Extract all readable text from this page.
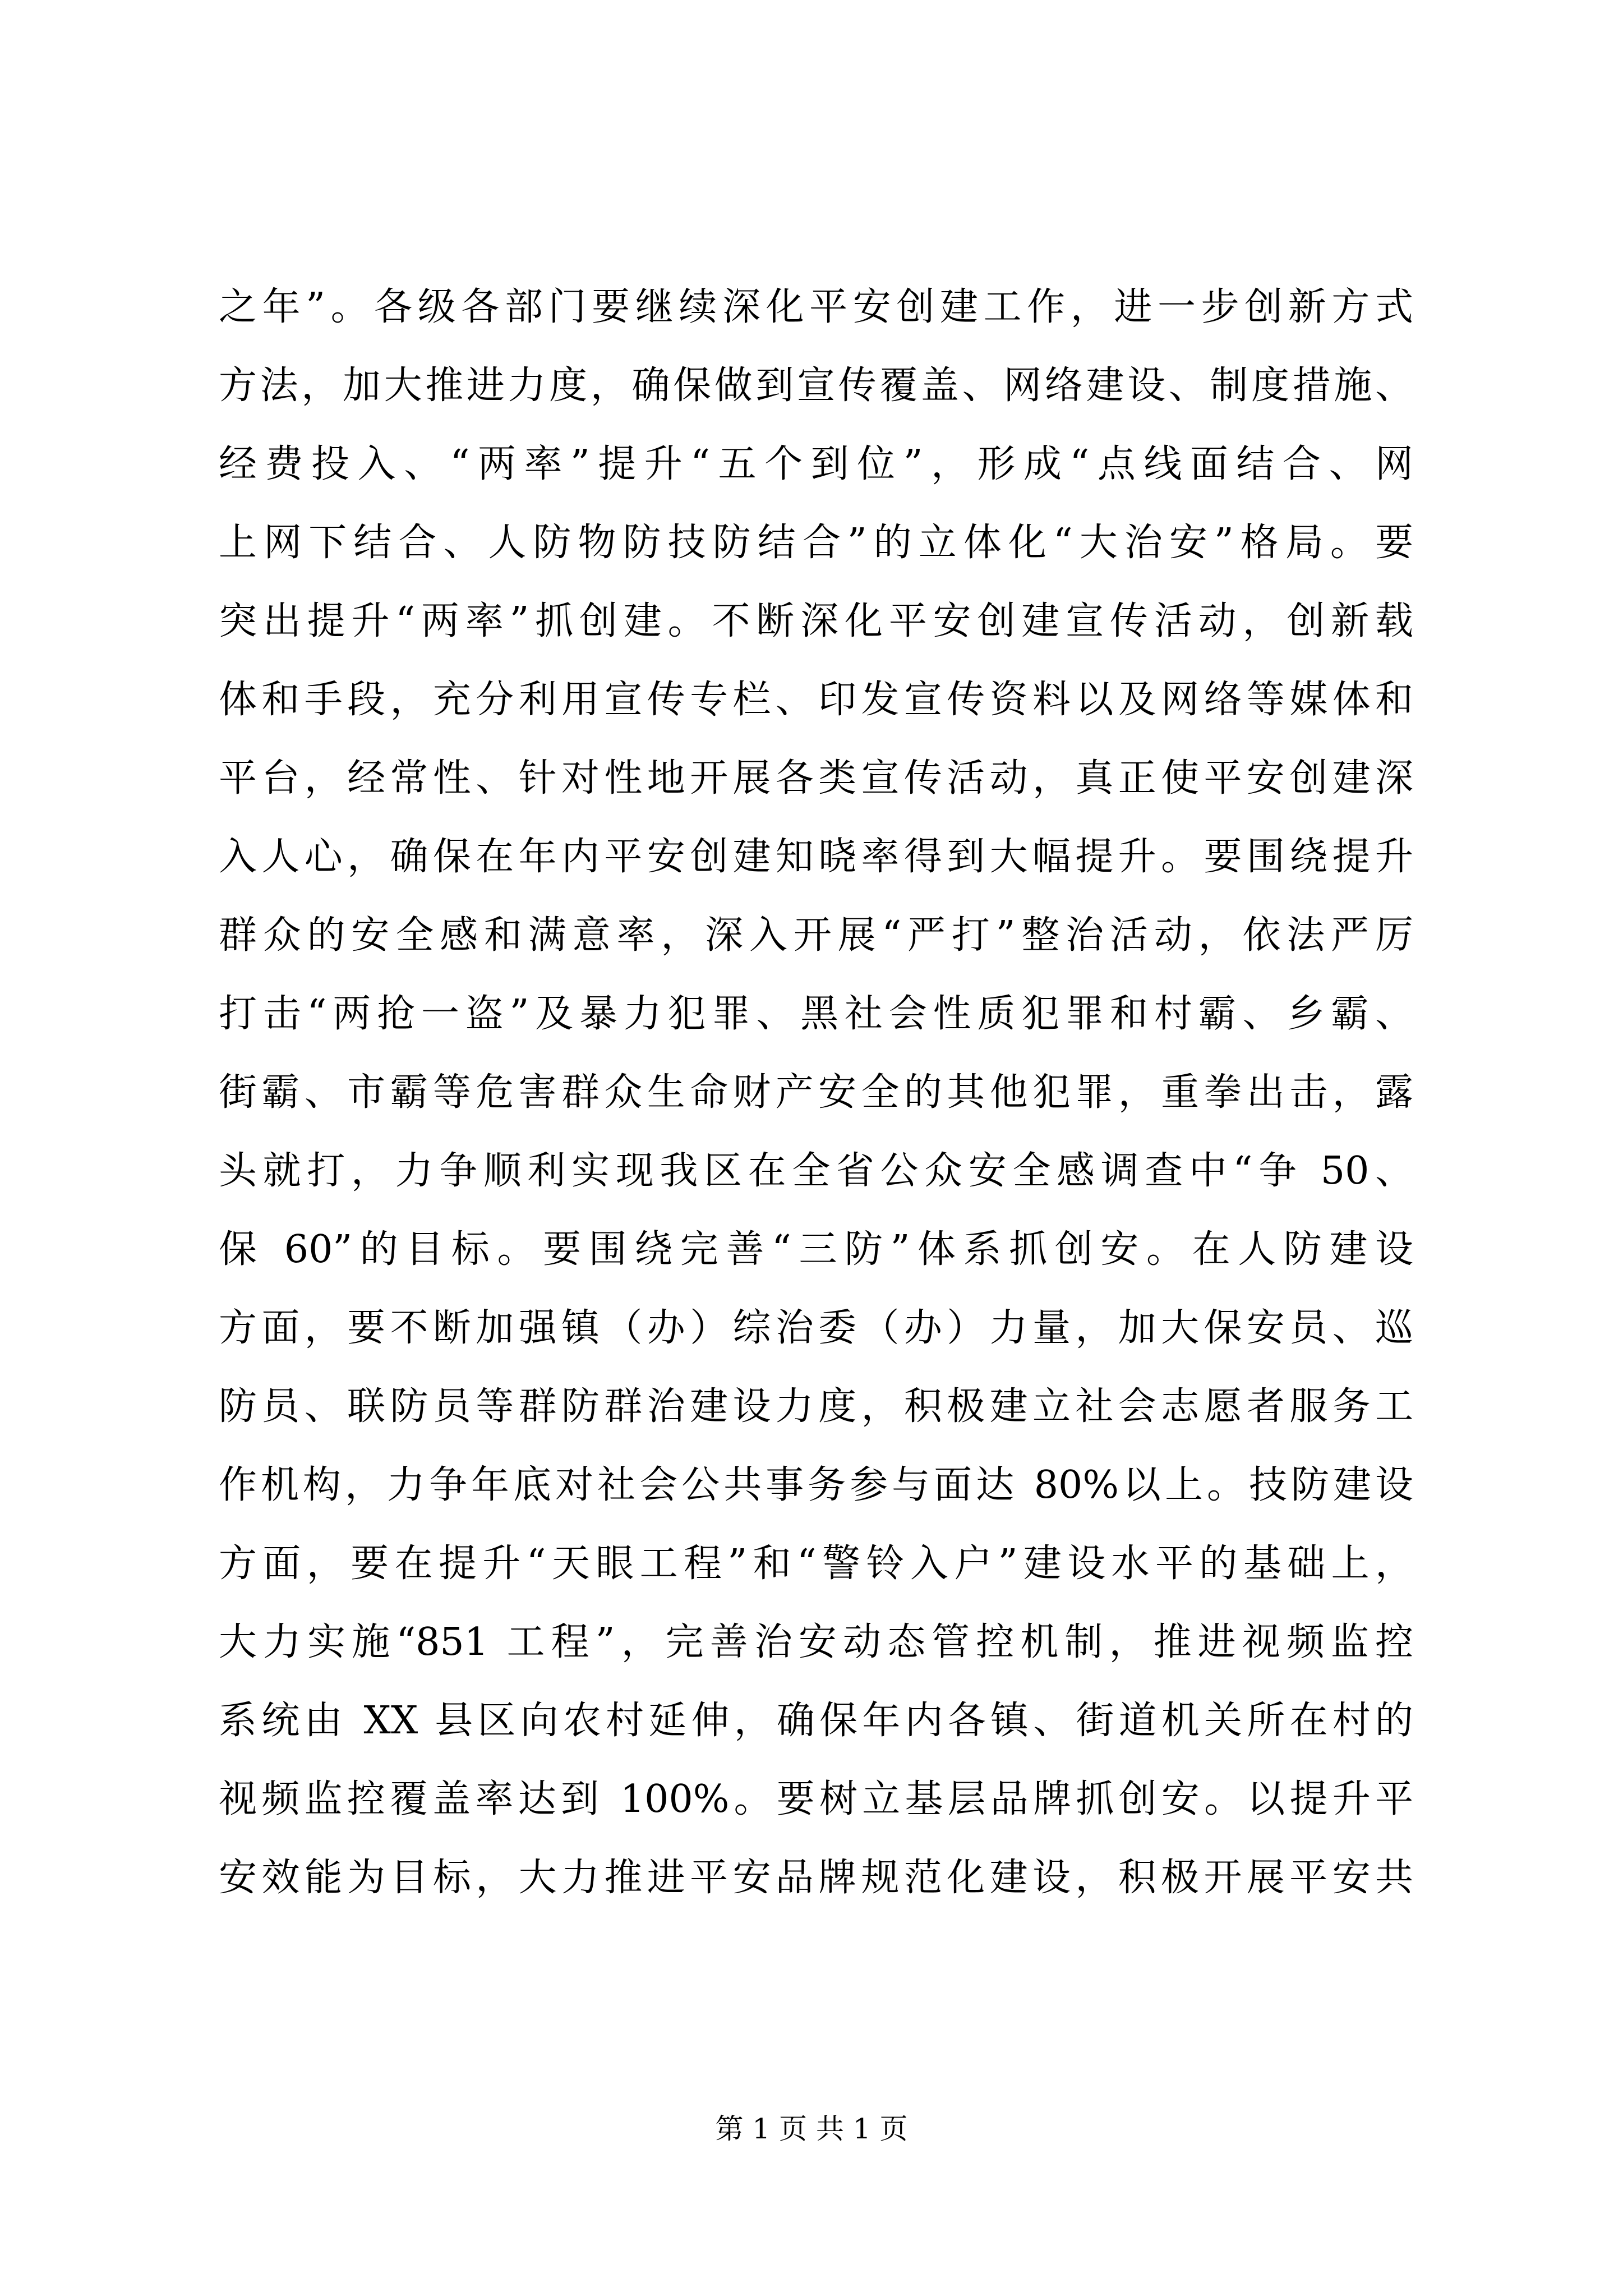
之年”。各级各部门要继续深化平安创建工作，进一步创新方式
方法，加大推进力度，确保做到宣传覆盖、网络建设、制度措施、
经费投入、“两率”提升“五个到位”，形成“点线面结合、网
上网下结合、人防物防技防结合”的立体化“大治安”格局。要
突出提升“两率”抓创建。不断深化平安创建宣传活动，创新载
体和手段，充分利用宣传专栏、印发宣传资料以及网络等媒体和
平台，经常性、针对性地开展各类宣传活动，真正使平安创建深
入人心，确保在年内平安创建知晓率得到大幅提升。要围绕提升
群众的安全感和满意率，深入开展“严打”整治活动，依法严厉
打击“两抢一盗”及暴力犯罪、黑社会性质犯罪和村霸、乡霸、
街霸、市霸等危害群众生命财产安全的其他犯罪，重拳出击，露
头就打，力争顺利实现我区在全省公众安全感调查中“争 50、
保 60”的目标。要围绕完善“三防”体系抓创安。在人防建设
方面，要不断加强镇（办）综治委（办）力量，加大保安员、巡
防员、联防员等群防群治建设力度，积极建立社会志愿者服务工
作机构，力争年底对社会公共事务参与面达 80%以上。技防建设
方面，要在提升“天眼工程”和“警铃入户”建设水平的基础上，
大力实施“851 工程”，完善治安动态管控机制，推进视频监控
系统由 XX 县区向农村延伸，确保年内各镇、街道机关所在村的
视频监控覆盖率达到 100%。要树立基层品牌抓创安。以提升平
安效能为目标，大力推进平安品牌规范化建设，积极开展平安共
第 1 页 共 1 页
